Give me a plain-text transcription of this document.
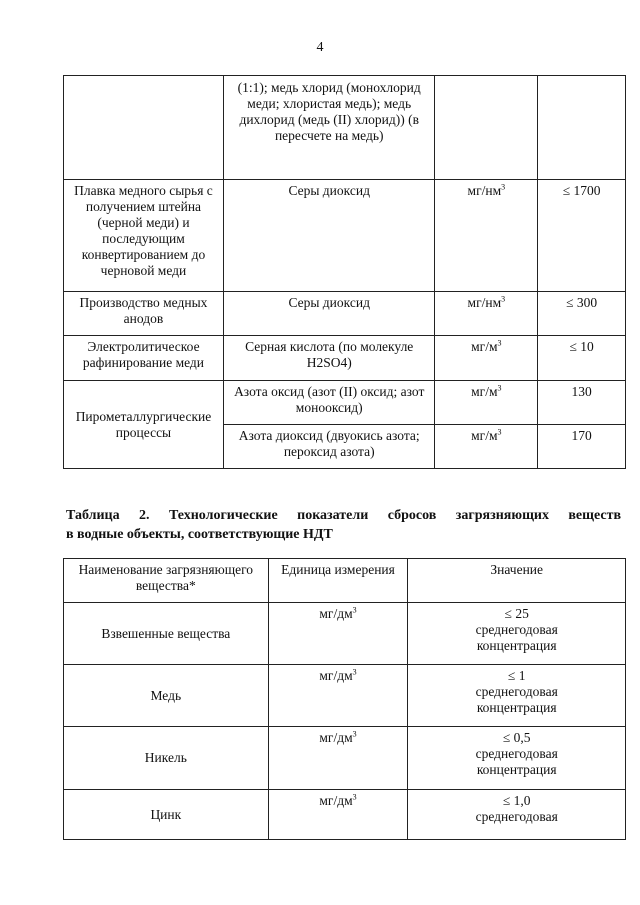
4
	(1:1); медь хлорид (монохлорид меди; хлористая медь); медь дихлорид (медь (II) хлорид)) (в пересчете на медь)		
Плавка медного сырья с получением штейна (черной меди) и последующим конвертированием до черновой меди	Серы диоксид	$мг/нм^3$	≤ 1700
Производство медных анодов	Серы диоксид	$мг/нм^3$	≤ 300
Электролитическое рафинирование меди	Серная кислота (по молекуле H2SO4)	$мг/м^3$	≤ 10
Пирометаллургические процессы	Азота оксид (азот (II) оксид; азот монооксид)	$мг/м^3$	130
	Азота диоксид (двуокись азота; пероксид азота)	$мг/м^3$	170
Таблица 2. Технологические показатели сбросов загрязняющих веществ
в водные объекты, соответствующие НДТ
Наименование загрязняющего вещества*	Единица измерения	Значение
Взвешенные вещества	$мг/дм^3$	≤ 25
среднегодовая
концентрация

Медь	$мг/дм^3$	≤ 1
среднегодовая
концентрация

Никель	$мг/дм^3$	≤ 0,5
среднегодовая
концентрация

Цинк	$мг/дм^3$	≤ 1,0
среднегодовая
